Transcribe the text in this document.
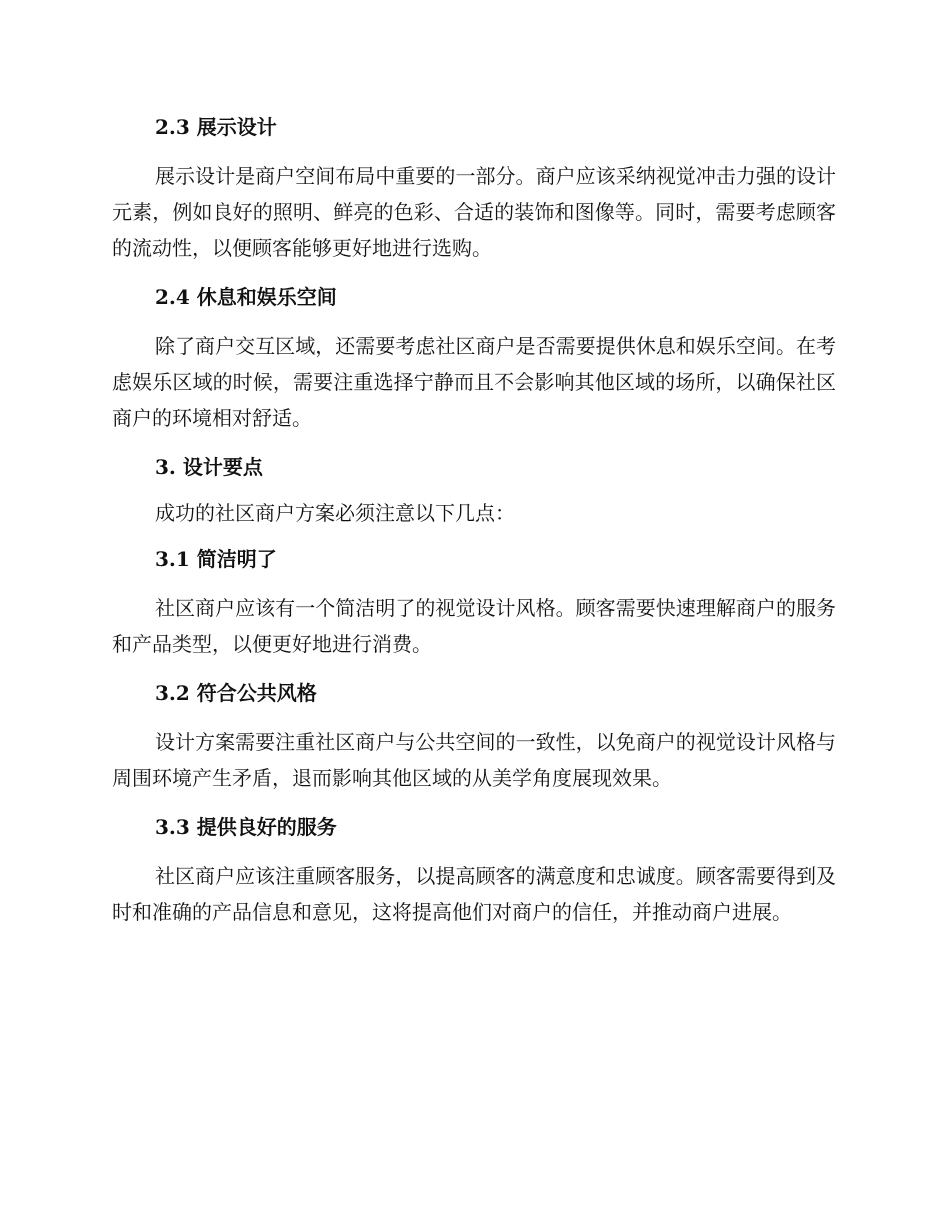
2.3 展示设计

展示设计是商户空间布局中重要的一部分。商户应该采纳视觉冲击力强的设计元素，例如良好的照明、鲜亮的色彩、合适的装饰和图像等。同时，需要考虑顾客的流动性，以便顾客能够更好地进行选购。

2.4 休息和娱乐空间

除了商户交互区域，还需要考虑社区商户是否需要提供休息和娱乐空间。在考虑娱乐区域的时候，需要注重选择宁静而且不会影响其他区域的场所，以确保社区商户的环境相对舒适。

3. 设计要点

成功的社区商户方案必须注意以下几点：

3.1 简洁明了

社区商户应该有一个简洁明了的视觉设计风格。顾客需要快速理解商户的服务和产品类型，以便更好地进行消费。

3.2 符合公共风格

设计方案需要注重社区商户与公共空间的一致性，以免商户的视觉设计风格与周围环境产生矛盾，退而影响其他区域的从美学角度展现效果。

3.3 提供良好的服务

社区商户应该注重顾客服务，以提高顾客的满意度和忠诚度。顾客需要得到及时和准确的产品信息和意见，这将提高他们对商户的信任，并推动商户进展。
